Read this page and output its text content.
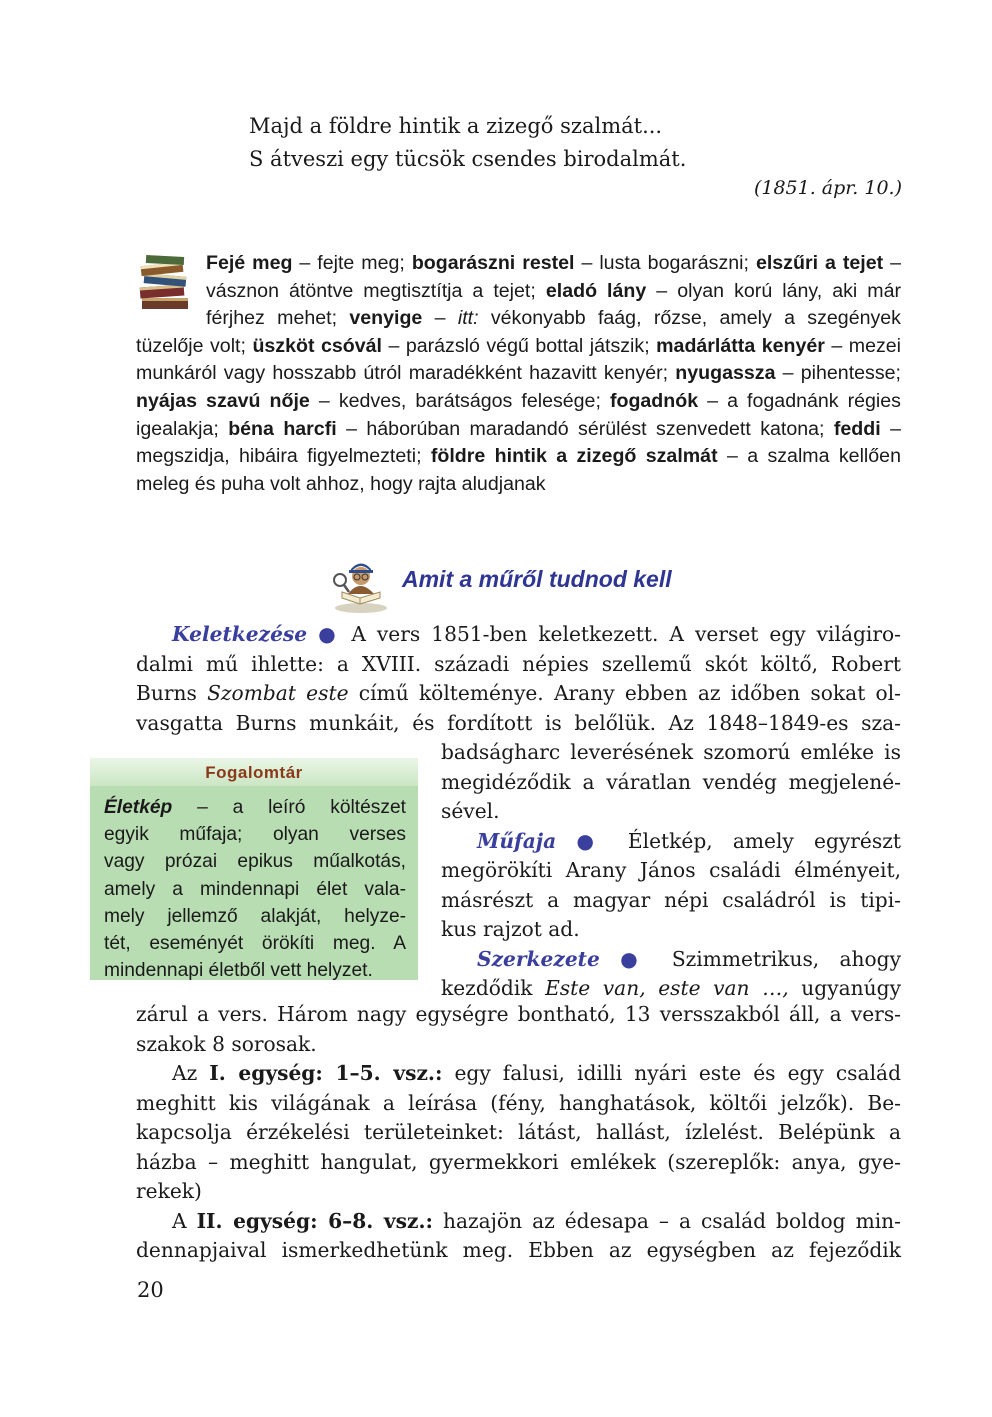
Majd a földre hintik a zizegő szalmát...
S átveszi egy tücsök csendes birodalmát.
(1851. ápr. 10.)
Fejé meg – fejte meg; bogarászni restel – lusta bogarászni; elszűri a tejet – vásznon átöntve megtisztítja a tejet; eladó lány – olyan korú lány, aki már férjhez mehet; venyige – itt: vékonyabb faág, rőzse, amely a szegények tüzelője volt; üszköt csóvál – parázsló végű bottal játszik; madárlátta kenyér – mezei munkáról vagy hosszabb útról maradékként hazavitt kenyér; nyugassza – pihentesse; nyájas szavú nője – kedves, barátságos felesége; fogadnók – a fogadnánk régies igealakja; béna harcfi – háborúban maradandó sérülést szenvedett katona; feddi – megszidja, hibáira figyelmezteti; földre hintik a zizegő szalmát – a szalma kellően meleg és puha volt ahhoz, hogy rajta aludjanak
Amit a műről tudnod kell
Keletkezése ● A vers 1851-ben keletkezett. A verset egy világiro-
dalmi mű ihlette: a XVIII. századi népies szellemű skót költő, Robert
Burns Szombat este című költeménye. Arany ebben az időben sokat ol-
vasgatta Burns munkáit, és fordított is belőlük. Az 1848–1849-es sza-
Fogalomtár
Életkép – a leíró költészet
egyik műfaja; olyan verses
vagy prózai epikus műalkotás,
amely a mindennapi élet vala-
mely jellemző alakját, helyze-
tét, eseményét örökíti meg. A
mindennapi életből vett helyzet.
badságharc leverésének szomorú emléke is
megidéződik a váratlan vendég megjelené-
sével.
Műfaja ● Életkép, amely egyrészt
megörökíti Arany János családi élményeit,
másrészt a magyar népi családról is tipi-
kus rajzot ad.
Szerkezete ● Szimmetrikus, ahogy
kezdődik Este van, este van …, ugyanúgy
zárul a vers. Három nagy egységre bontható, 13 versszakból áll, a vers-
szakok 8 sorosak.
Az I. egység: 1–5. vsz.: egy falusi, idilli nyári este és egy család
meghitt kis világának a leírása (fény, hanghatások, költői jelzők). Be-
kapcsolja érzékelési területeinket: látást, hallást, ízlelést. Belépünk a
házba – meghitt hangulat, gyermekkori emlékek (szereplők: anya, gye-
rekek)
A II. egység: 6–8. vsz.: hazajön az édesapa – a család boldog min-
dennapjaival ismerkedhetünk meg. Ebben az egységben az fejeződik
20
